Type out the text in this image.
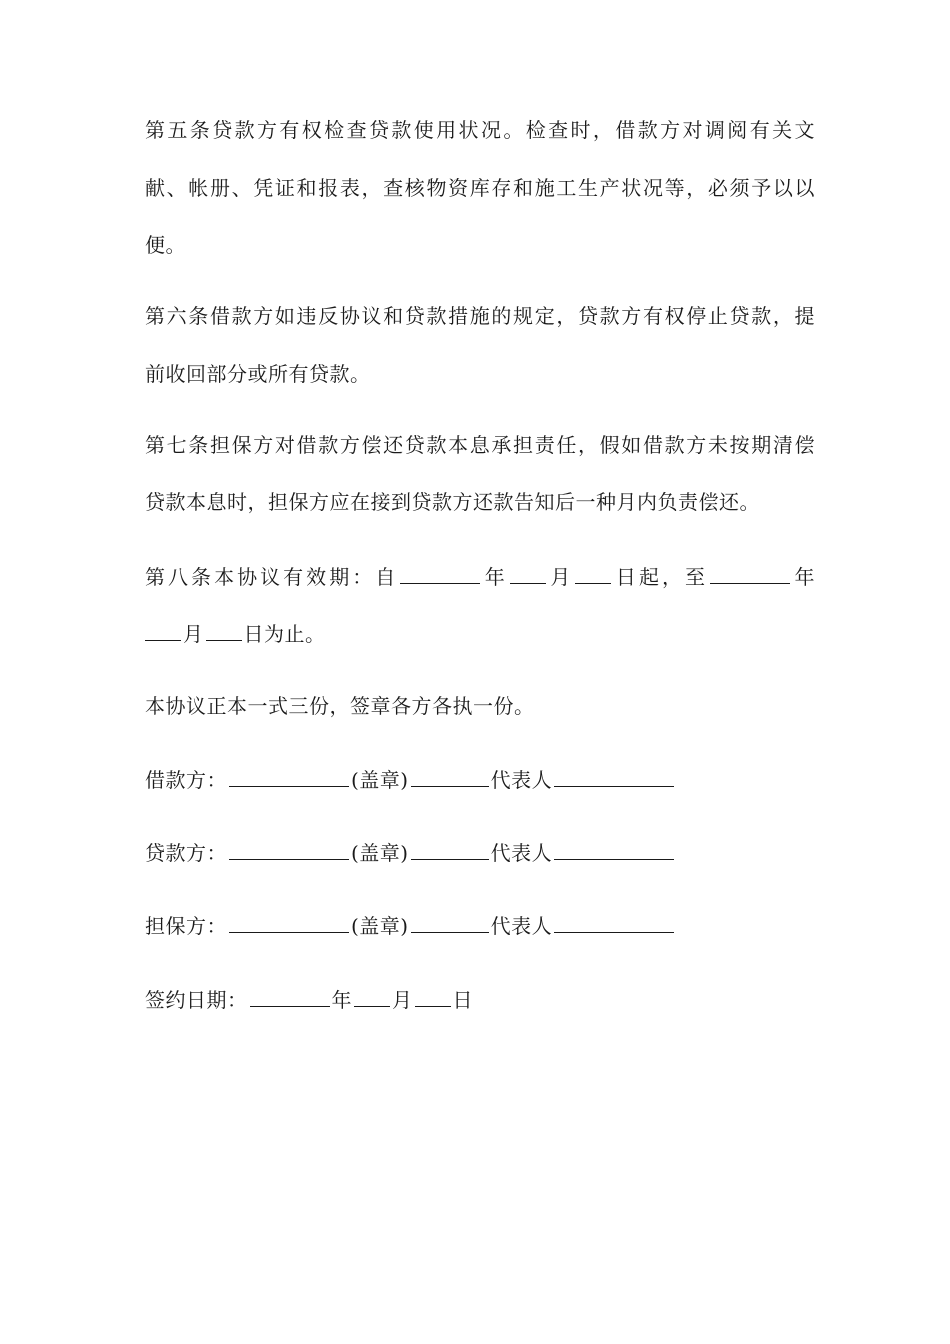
第五条贷款方有权检查贷款使用状况。检查时，借款方对调阅有关文
献、帐册、凭证和报表，查核物资库存和施工生产状况等，必须予以以
便。
第六条借款方如违反协议和贷款措施的规定，贷款方有权停止贷款，提
前收回部分或所有贷款。
第七条担保方对借款方偿还贷款本息承担责任，假如借款方未按期清偿
贷款本息时，担保方应在接到贷款方还款告知后一种月内负责偿还。
第八条本协议有效期：自	年 月 日起，至	年
月 日为止。
本协议正本一式三份，签章各方各执一份。
借款方：	(盖章)	代表人
贷款方：	(盖章)	代表人
担保方：	(盖章)	代表人
签约日期：	年 月 日
